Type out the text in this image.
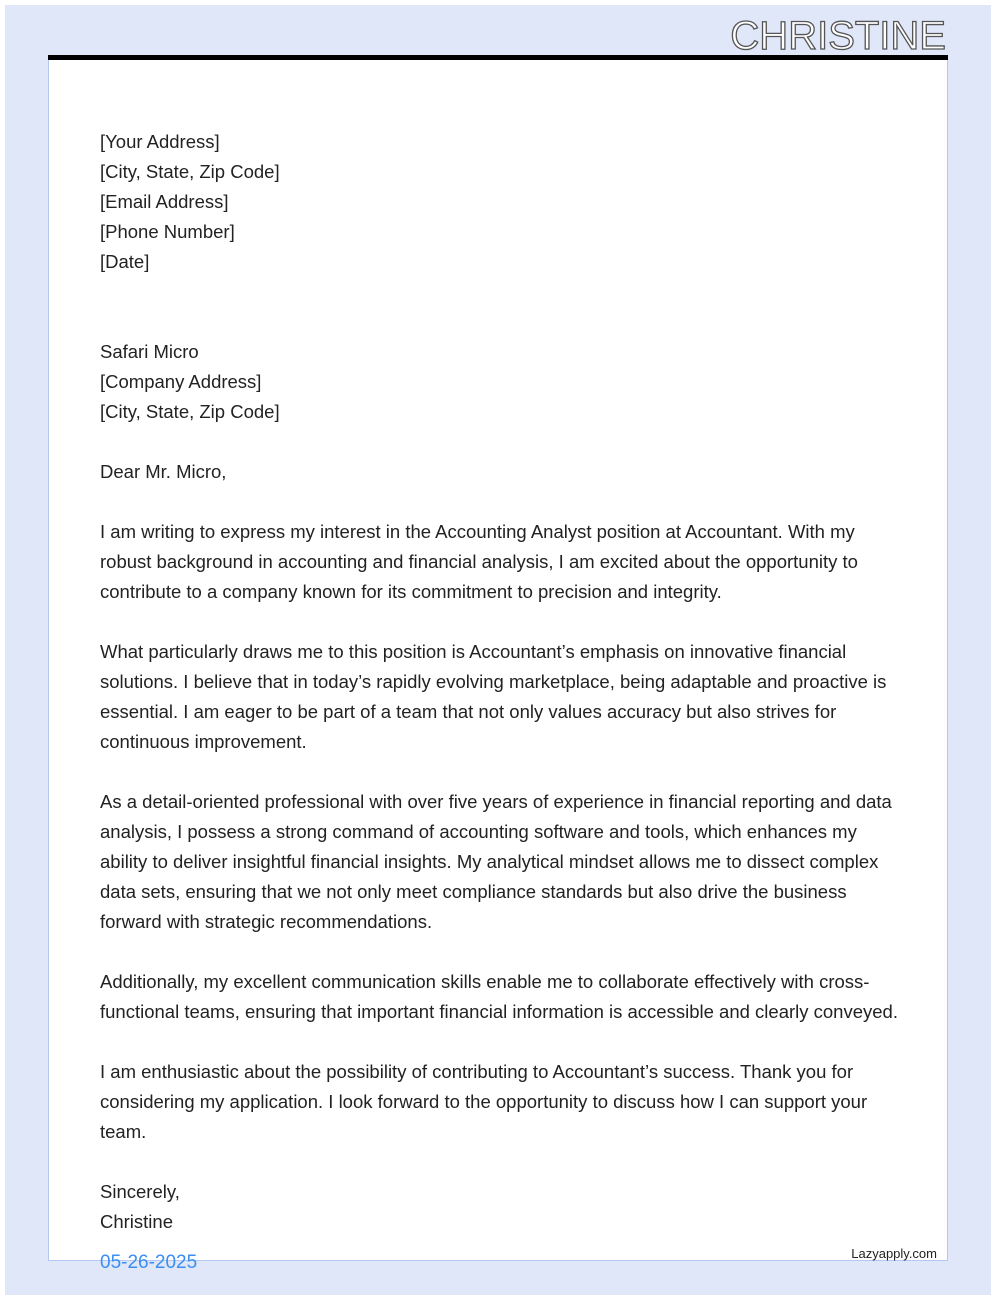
CHRISTINE

[Your Address]
[City, State, Zip Code]
[Email Address]
[Phone Number]
[Date]

Safari Micro
[Company Address]
[City, State, Zip Code]

Dear Mr. Micro,

I am writing to express my interest in the Accounting Analyst position at Accountant. With my robust background in accounting and financial analysis, I am excited about the opportunity to contribute to a company known for its commitment to precision and integrity.

What particularly draws me to this position is Accountant’s emphasis on innovative financial solutions. I believe that in today’s rapidly evolving marketplace, being adaptable and proactive is essential. I am eager to be part of a team that not only values accuracy but also strives for continuous improvement.

As a detail-oriented professional with over five years of experience in financial reporting and data analysis, I possess a strong command of accounting software and tools, which enhances my ability to deliver insightful financial insights. My analytical mindset allows me to dissect complex data sets, ensuring that we not only meet compliance standards but also drive the business forward with strategic recommendations.

Additionally, my excellent communication skills enable me to collaborate effectively with cross-functional teams, ensuring that important financial information is accessible and clearly conveyed.

I am enthusiastic about the possibility of contributing to Accountant’s success. Thank you for considering my application. I look forward to the opportunity to discuss how I can support your team.

Sincerely,
Christine
05-26-2025	Lazyapply.com
